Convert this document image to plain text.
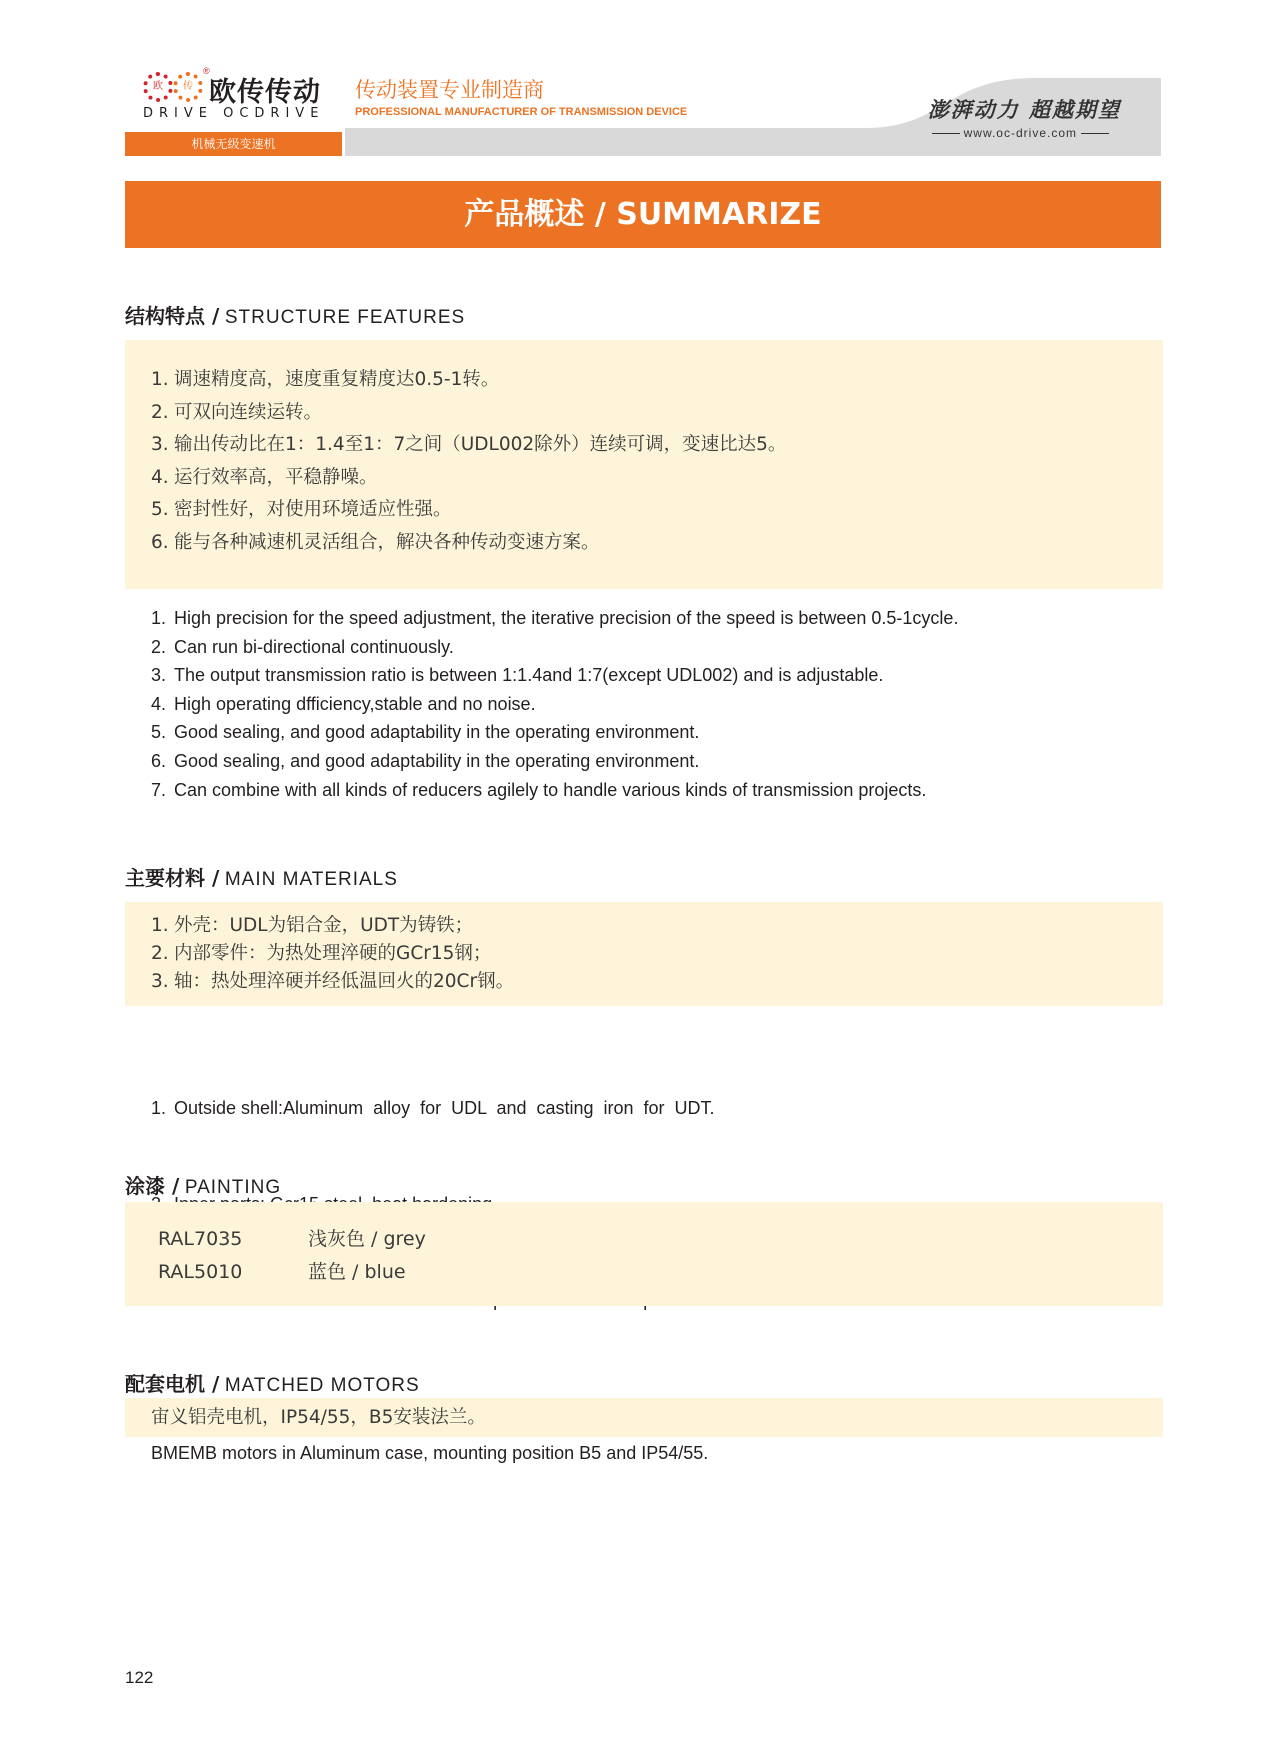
欧	传
®
欧传传动
DRIVE OCDRIVE
传动装置专业制造商
PROFESSIONAL MANUFACTURER OF TRANSMISSION DEVICE	澎湃动力 超越期望
www.oc-drive.com
机械无级变速机
产品概述 / SUMMARIZE
结构特点 / STRUCTURE FEATURES
1. 调速精度高，速度重复精度达0.5-1转。
2. 可双向连续运转。
3. 输出传动比在1：1.4至1：7之间（UDL002除外）连续可调，变速比达5。
4. 运行效率高，平稳静噪。
5. 密封性好，对使用环境适应性强。
6. 能与各种减速机灵活组合，解决各种传动变速方案。
1. High precision for the speed adjustment, the iterative precision of the speed is between 0.5-1cycle.
2. Can run bi-directional continuously.
3. The output transmission ratio is between 1:1.4and 1:7(except UDL002) and is adjustable.
4. High operating dfficiency,stable and no noise.
5. Good sealing, and good adaptability in the operating environment.
6. Good sealing, and good adaptability in the operating environment.
7. Can combine with all kinds of reducers agilely to handle various kinds of transmission projects.
主要材料 / MAIN MATERIALS
1. 外壳：UDL为铝合金，UDT为铸铁；
2. 内部零件：为热处理淬硬的GCr15钢；
3. 轴：热处理淬硬并经低温回火的20Cr钢。

1. Outside shell:Aluminum  alloy  for  UDL  and  casting  iron  for  UDT.

涂漆 / PAINTING
RAL7035	浅灰色 / grey
RAL5010	蓝色 / blue
配套电机 / MATCHED MOTORS
宙义铝壳电机，IP54/55，B5安装法兰。
BMEMB motors in Aluminum case, mounting position B5 and IP54/55.
122
